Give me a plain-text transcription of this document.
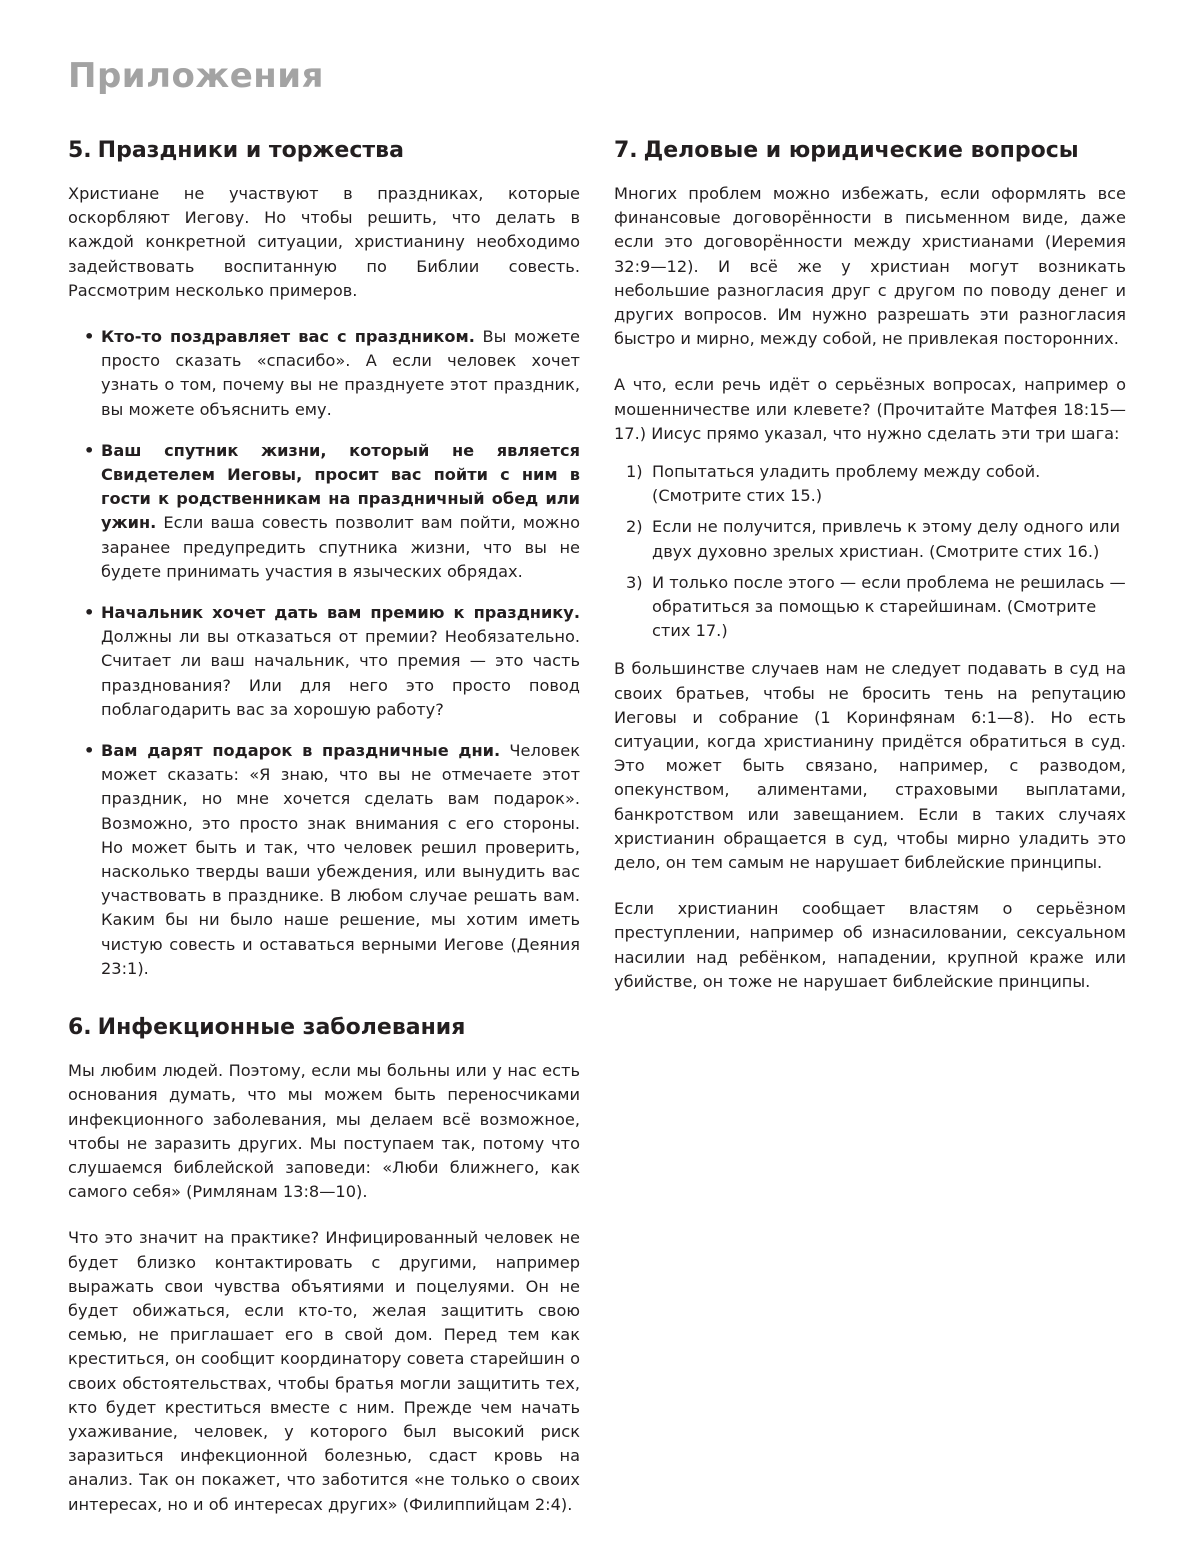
Приложения
5. Праздники и торжества

Христиане не участвуют в праздниках, которые оскорбляют Иегову. Но чтобы решить, что делать в каждой конкретной ситуации, христианину необходимо задействовать воспитанную по Библии совесть. Рассмотрим несколько примеров.

• Кто-то поздравляет вас с праздником. Вы можете просто сказать «спасибо». А если человек хочет узнать о том, почему вы не празднуете этот праздник, вы можете объяснить ему.
• Ваш спутник жизни, который не является Свидетелем Иеговы, просит вас пойти с ним в гости к родственникам на праздничный обед или ужин. Если ваша совесть позволит вам пойти, можно заранее предупредить спутника жизни, что вы не будете принимать участия в языческих обрядах.
• Начальник хочет дать вам премию к празднику. Должны ли вы отказаться от премии? Необязательно. Считает ли ваш начальник, что премия — это часть празднования? Или для него это просто повод поблагодарить вас за хорошую работу?
• Вам дарят подарок в праздничные дни. Человек может сказать: «Я знаю, что вы не отмечаете этот праздник, но мне хочется сделать вам подарок». Возможно, это просто знак внимания с его стороны. Но может быть и так, что человек решил проверить, насколько тверды ваши убеждения, или вынудить вас участвовать в празднике. В любом случае решать вам. Каким бы ни было наше решение, мы хотим иметь чистую совесть и оставаться верными Иегове (Деяния 23:1).
6. Инфекционные заболевания

Мы любим людей. Поэтому, если мы больны или у нас есть основания думать, что мы можем быть переносчиками инфекционного заболевания, мы делаем всё возможное, чтобы не заразить других. Мы поступаем так, потому что слушаемся библейской заповеди: «Люби ближнего, как самого себя» (Римлянам 13:8—10).

Что это значит на практике? Инфицированный человек не будет близко контактировать с другими, например выражать свои чувства объятиями и поцелуями. Он не будет обижаться, если кто-то, желая защитить свою семью, не приглашает его в свой дом. Перед тем как креститься, он сообщит координатору совета старейшин о своих обстоятельствах, чтобы братья могли защитить тех, кто будет креститься вместе с ним. Прежде чем начать ухаживание, человек, у которого был высокий риск заразиться инфекционной болезнью, сдаст кровь на анализ. Так он покажет, что заботится «не только о своих интересах, но и об интересах других» (Филиппийцам 2:4).

7. Деловые и юридические вопросы

Многих проблем можно избежать, если оформлять все финансовые договорённости в письменном виде, даже если это договорённости между христианами (Иеремия 32:9—12). И всё же у христиан могут возникать небольшие разногласия друг с другом по поводу денег и других вопросов. Им нужно разрешать эти разногласия быстро и мирно, между собой, не привлекая посторонних.

А что, если речь идёт о серьёзных вопросах, например о мошенничестве или клевете? (Прочитайте Матфея 18:15—17.) Иисус прямо указал, что нужно сделать эти три шага:

1) Попытаться уладить проблему между собой. (Смотрите стих 15.)
2) Если не получится, привлечь к этому делу одного или двух духовно зрелых христиан. (Смотрите стих 16.)
3) И только после этого — если проблема не решилась — обратиться за помощью к старейшинам. (Смотрите стих 17.)

В большинстве случаев нам не следует подавать в суд на своих братьев, чтобы не бросить тень на репутацию Иеговы и собрание (1 Коринфянам 6:1—8). Но есть ситуации, когда христианину придётся обратиться в суд. Это может быть связано, например, с разводом, опекунством, алиментами, страховыми выплатами, банкротством или завещанием. Если в таких случаях христианин обращается в суд, чтобы мирно уладить это дело, он тем самым не нарушает библейские принципы.

Если христианин сообщает властям о серьёзном преступлении, например об изнасиловании, сексуальном насилии над ребёнком, нападении, крупной краже или убийстве, он тоже не нарушает библейские принципы.
